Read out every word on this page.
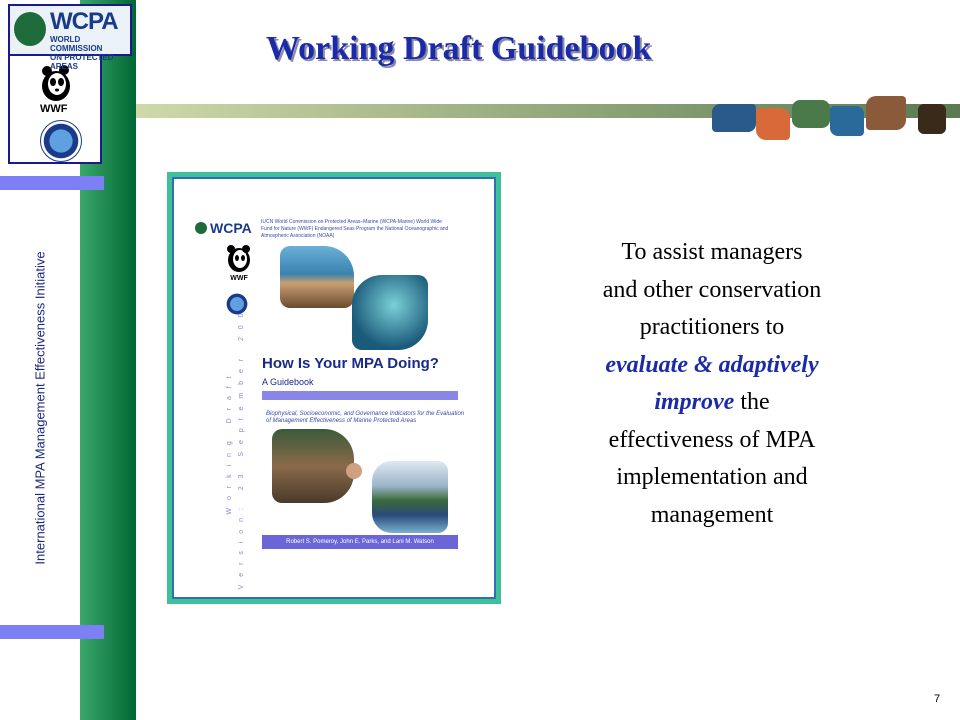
International MPA Management Effectiveness Initiative
WWF
WCPA
WORLD COMMISSION
ON PROTECTED AREAS	Working Draft Guidebook
WCPA IUCN World Commission on Protected Areas–Marine (WCPA-Marine) World Wide Fund for Nature (WWF) Endangered Seas Program the National Oceanographic and Atmospheric Association (NOAA)
WWF
W o r k i n g   D r a f t
V e r s i o n :   2 3   S e p t e m b e r   2 0 0 2
How Is Your MPA Doing?
A Guidebook
Biophysical, Socioeconomic, and Governance Indicators for the Evaluation of Management Effectiveness of Marine Protected Areas
Robert S. Pomeroy, John E. Parks, and Lani M. Watson

To assist managers

and other conservation

practitioners to

evaluate & adaptively

improve the

effectiveness of MPA

implementation and

management

7
